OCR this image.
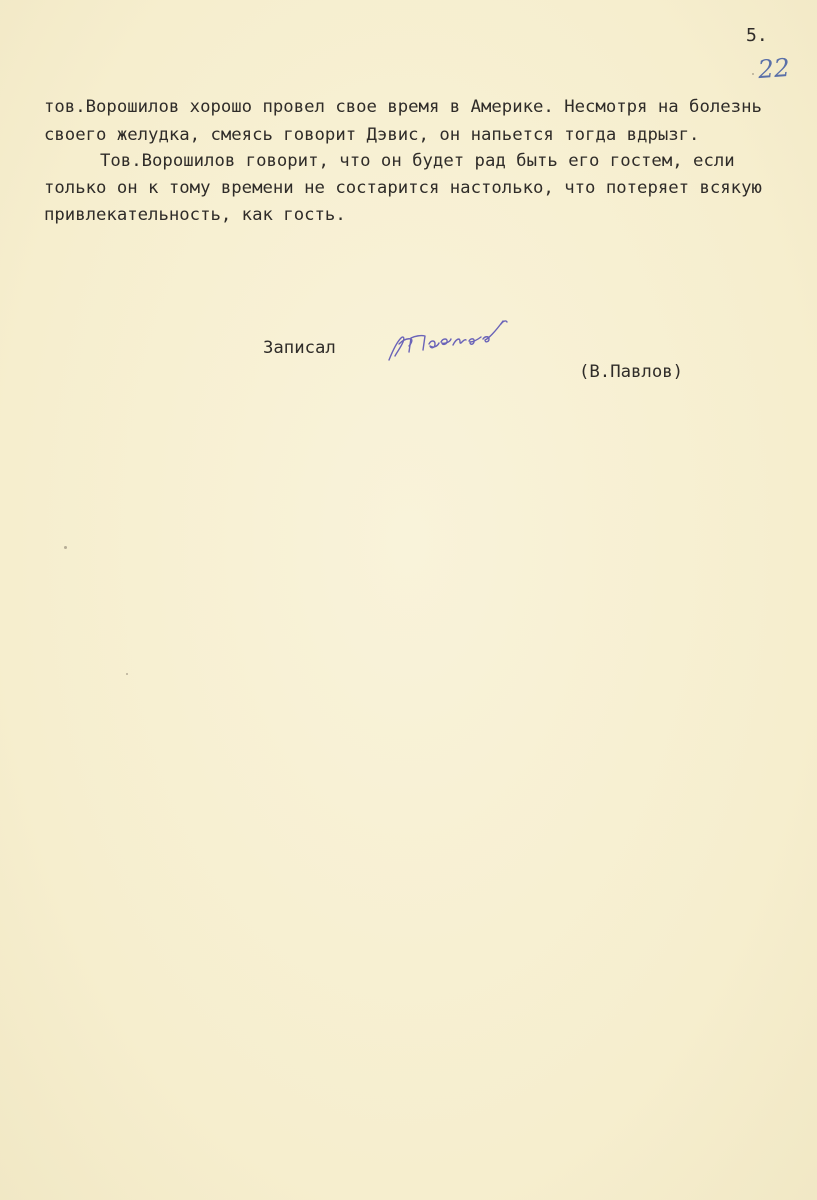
5.
22
тов.Ворошилов хорошо провел свое время в Америке. Несмотря на болезнь
своего желудка, смеясь говорит Дэвис, он напьется тогда вдрызг.
Тов.Ворошилов говорит, что он будет рад быть его гостем, если
только он к тому времени не состарится настолько, что потеряет всякую
привлекательность, как гость.
Записал
(В.Павлов)
